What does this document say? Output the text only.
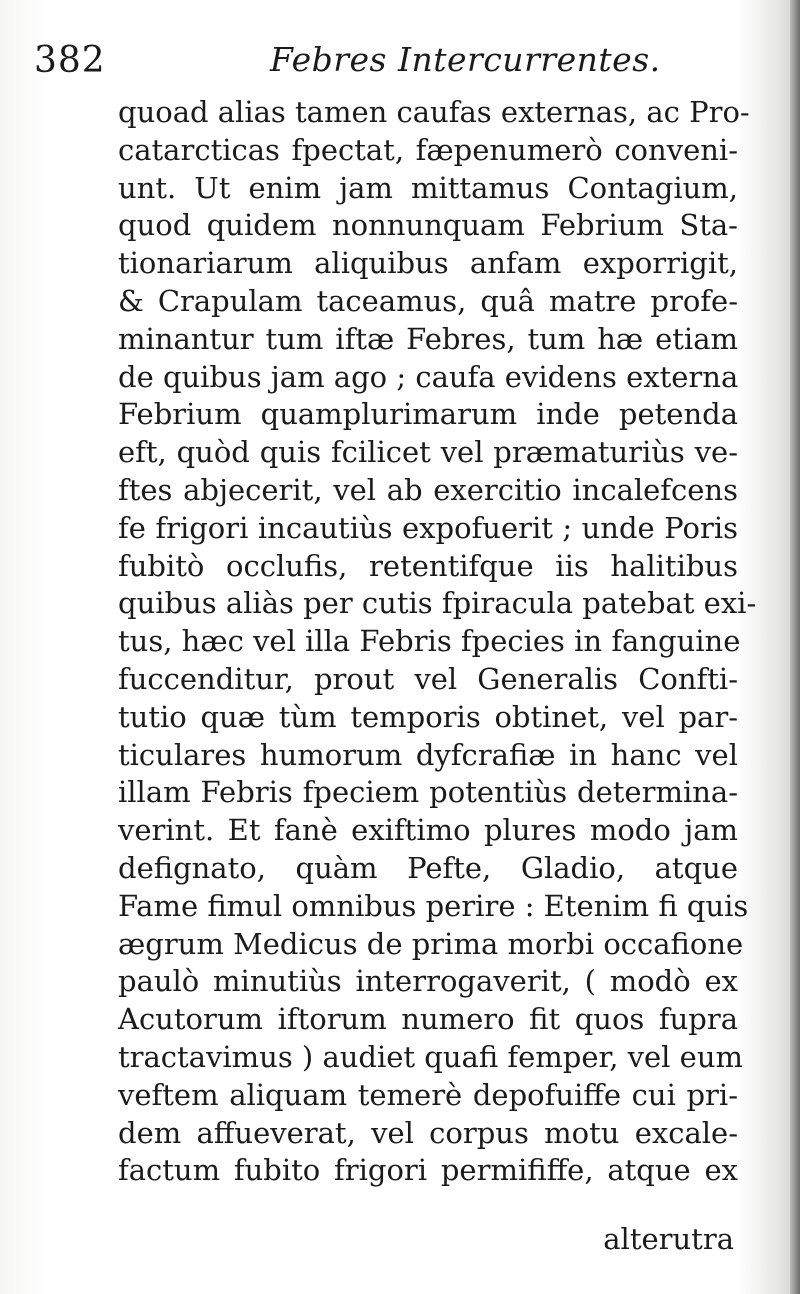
382	Febres Intercurrentes.
quoad alias tamen caufas externas, ac Pro-
catarcticas fpectat, fæpenumerò conveni-
unt. Ut enim jam mittamus Contagium,
quod quidem nonnunquam Febrium Sta-
tionariarum aliquibus anfam exporrigit,
& Crapulam taceamus, quâ matre profe-
minantur tum iftæ Febres, tum hæ etiam
de quibus jam ago ; caufa evidens externa
Febrium quamplurimarum inde petenda
eft, quòd quis fcilicet vel præmaturiùs ve-
ftes abjecerit, vel ab exercitio incalefcens
fe frigori incautiùs expofuerit ; unde Poris
fubitò occlufis, retentifque iis halitibus
quibus aliàs per cutis fpiracula patebat exi-
tus, hæc vel illa Febris fpecies in fanguine
fuccenditur, prout vel Generalis Confti-
tutio quæ tùm temporis obtinet, vel par-
ticulares humorum dyfcrafiæ in hanc vel
illam Febris fpeciem potentiùs determina-
verint. Et fanè exiftimo plures modo jam
defignato, quàm Pefte, Gladio, atque
Fame fimul omnibus perire : Etenim fi quis
ægrum Medicus de prima morbi occafione
paulò minutiùs interrogaverit, ( modò ex
Acutorum iftorum numero fit quos fupra
tractavimus ) audiet quafi femper, vel eum
veftem aliquam temerè depofuiffe cui pri-
dem affueverat, vel corpus motu excale-
factum fubito frigori permififfe, atque ex
alterutra
